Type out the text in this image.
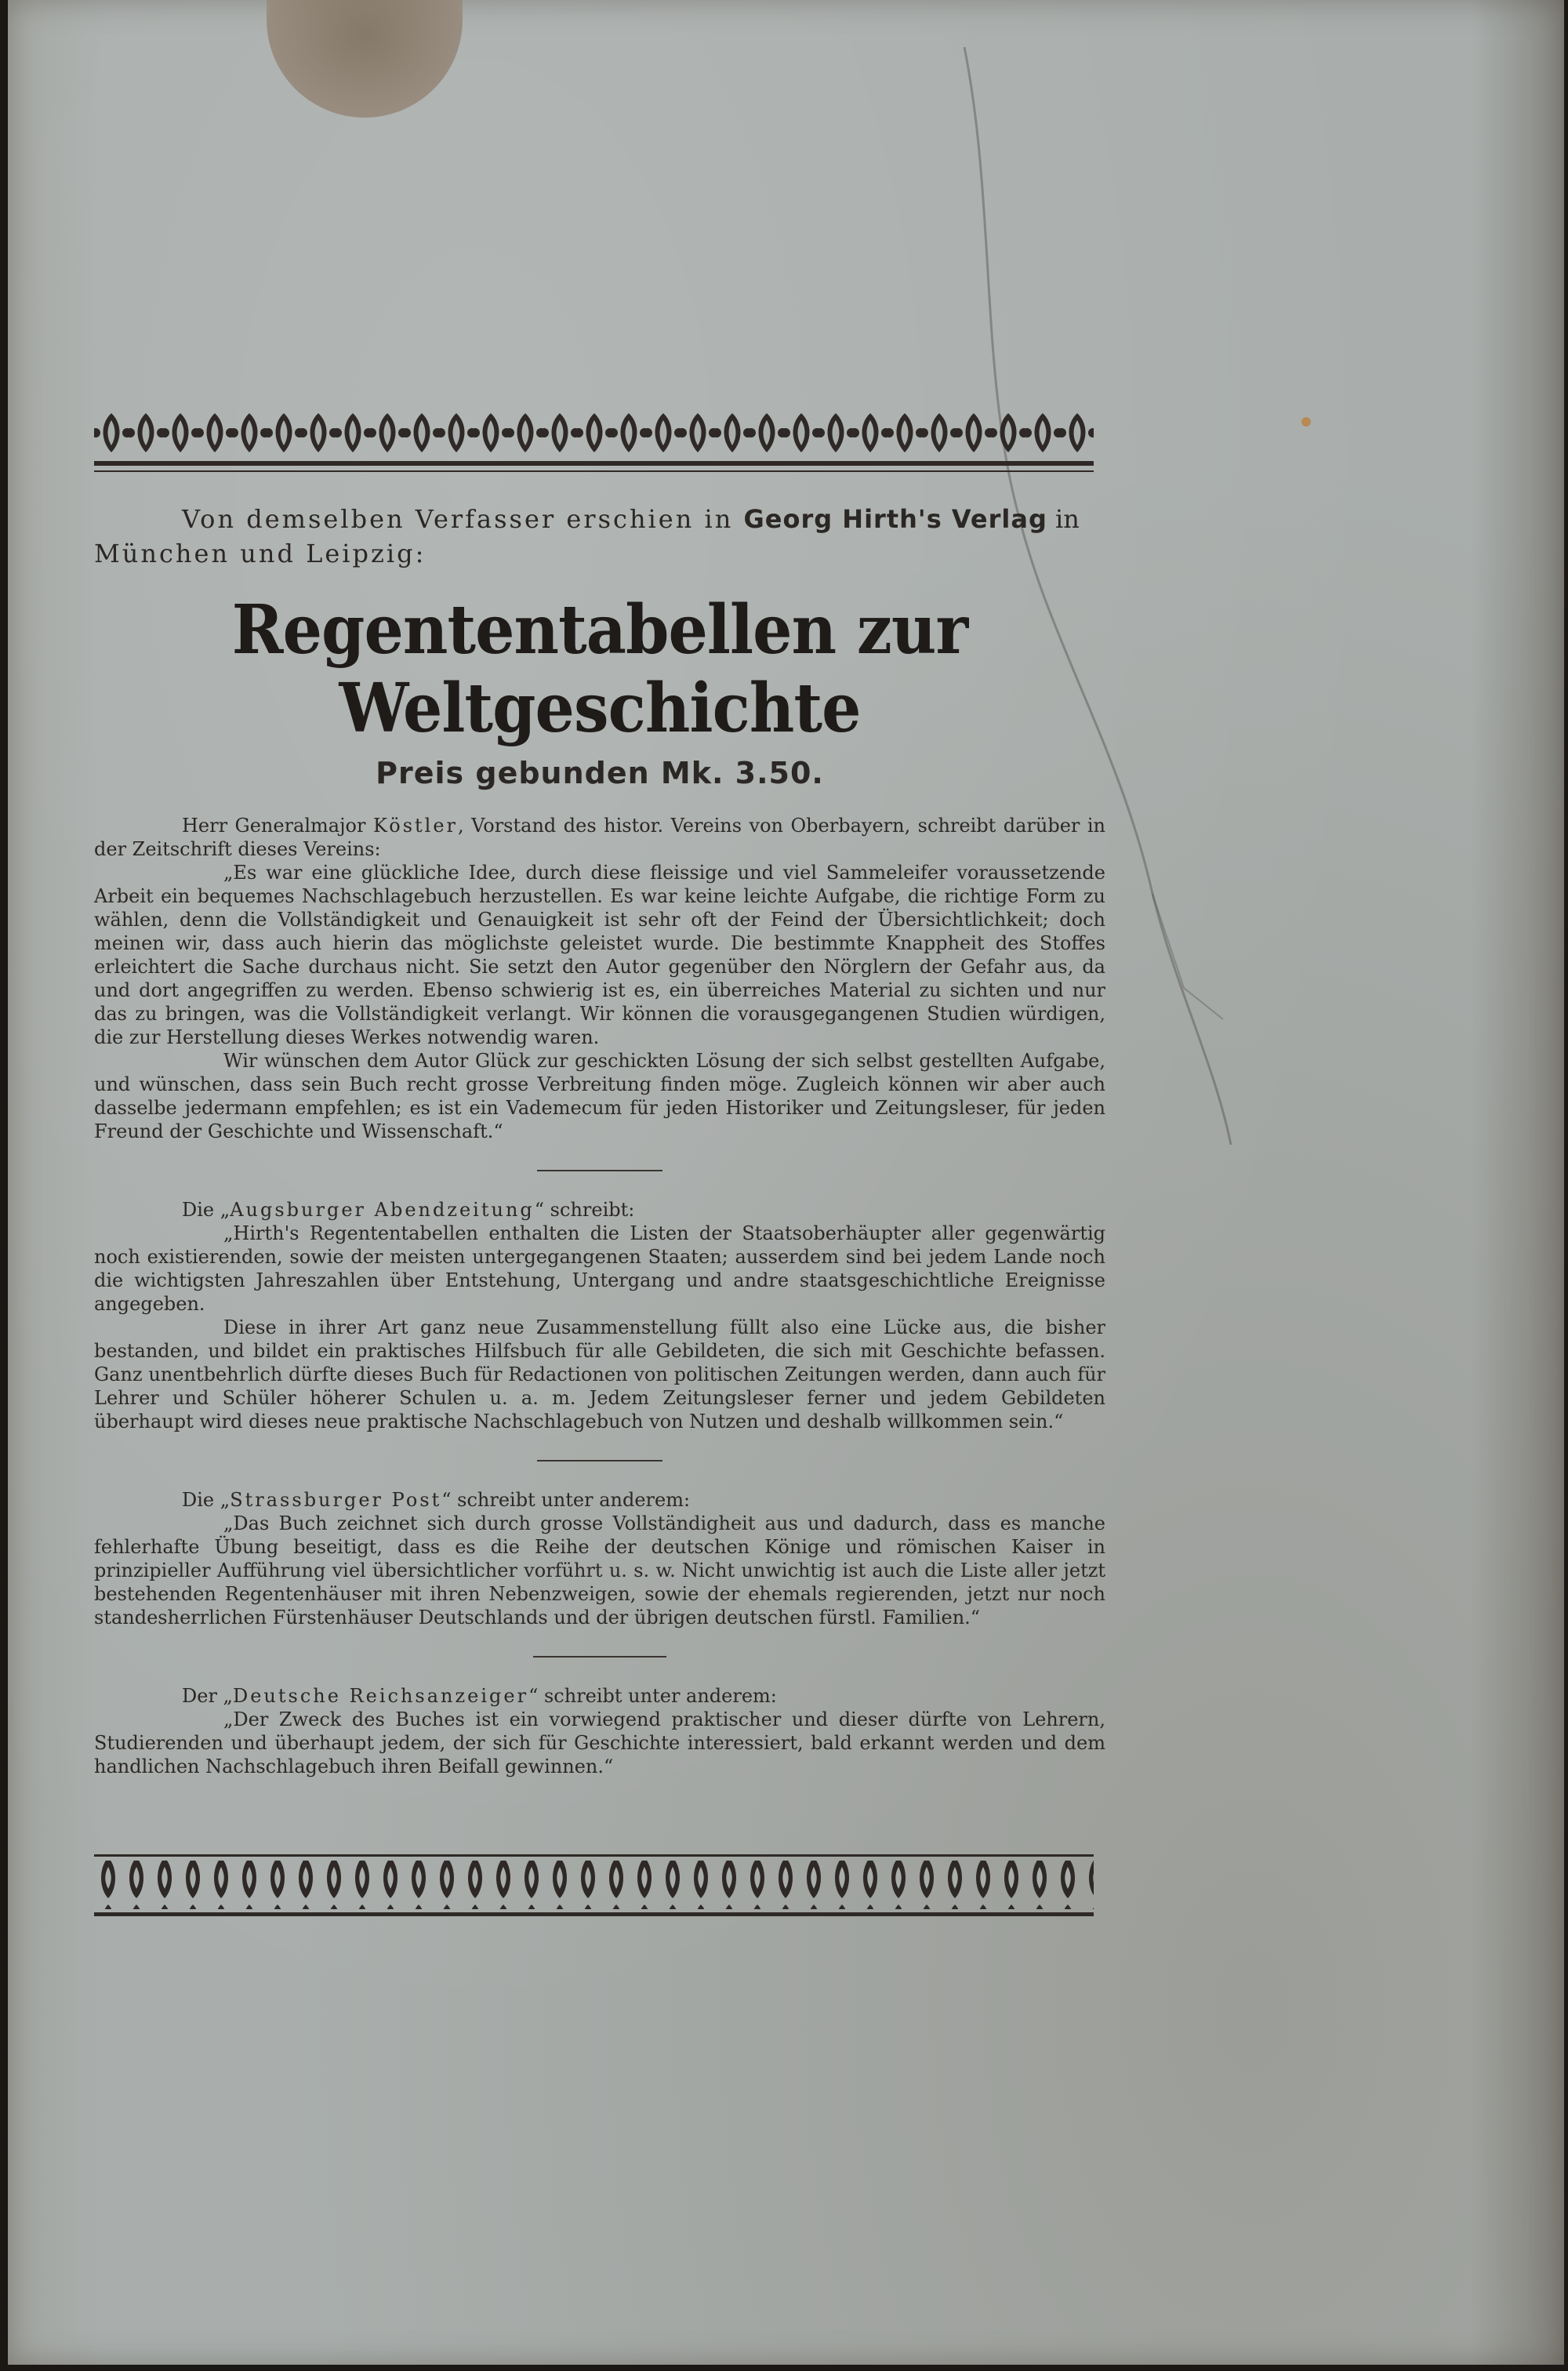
Von demselben Verfasser erschien in Georg Hirth's Verlag in
München und Leipzig:

Regententabellen zur Weltgeschichte
Preis gebunden Mk. 3.50.

Herr Generalmajor Köstler, Vorstand des histor. Vereins von Oberbayern, schreibt darüber in der Zeitschrift dieses Vereins:

„Es war eine glückliche Idee, durch diese fleissige und viel Sammeleifer voraussetzende Arbeit ein bequemes Nachschlagebuch herzustellen. Es war keine leichte Aufgabe, die richtige Form zu wählen, denn die Vollständigkeit und Genauigkeit ist sehr oft der Feind der Übersichtlichkeit; doch meinen wir, dass auch hierin das möglichste geleistet wurde. Die bestimmte Knappheit des Stoffes erleichtert die Sache durchaus nicht. Sie setzt den Autor gegenüber den Nörglern der Gefahr aus, da und dort angegriffen zu werden. Ebenso schwierig ist es, ein überreiches Material zu sichten und nur das zu bringen, was die Vollständigkeit verlangt. Wir können die vorausgegangenen Studien würdigen, die zur Herstellung dieses Werkes notwendig waren.

Wir wünschen dem Autor Glück zur geschickten Lösung der sich selbst gestellten Aufgabe, und wünschen, dass sein Buch recht grosse Verbreitung finden möge. Zugleich können wir aber auch dasselbe jedermann empfehlen; es ist ein Vademecum für jeden Historiker und Zeitungsleser, für jeden Freund der Geschichte und Wissenschaft.“

Die „Augsburger Abendzeitung“ schreibt:

„Hirth's Regententabellen enthalten die Listen der Staatsoberhäupter aller gegenwärtig noch existierenden, sowie der meisten untergegangenen Staaten; ausserdem sind bei jedem Lande noch die wichtigsten Jahreszahlen über Entstehung, Untergang und andre staatsgeschichtliche Ereignisse angegeben.

Diese in ihrer Art ganz neue Zusammenstellung füllt also eine Lücke aus, die bisher bestanden, und bildet ein praktisches Hilfsbuch für alle Gebildeten, die sich mit Geschichte befassen. Ganz unentbehrlich dürfte dieses Buch für Redactionen von politischen Zeitungen werden, dann auch für Lehrer und Schüler höherer Schulen u. a. m. Jedem Zeitungsleser ferner und jedem Gebildeten überhaupt wird dieses neue praktische Nachschlagebuch von Nutzen und deshalb willkommen sein.“

Die „Strassburger Post“ schreibt unter anderem:

„Das Buch zeichnet sich durch grosse Vollständigheit aus und dadurch, dass es manche fehlerhafte Übung beseitigt, dass es die Reihe der deutschen Könige und römischen Kaiser in prinzipieller Aufführung viel übersichtlicher vorführt u. s. w. Nicht unwichtig ist auch die Liste aller jetzt bestehenden Regentenhäuser mit ihren Nebenzweigen, sowie der ehemals regierenden, jetzt nur noch standesherrlichen Fürstenhäuser Deutschlands und der übrigen deutschen fürstl. Familien.“

Der „Deutsche Reichsanzeiger“ schreibt unter anderem:

„Der Zweck des Buches ist ein vorwiegend praktischer und dieser dürfte von Lehrern, Studierenden und überhaupt jedem, der sich für Geschichte interessiert, bald erkannt werden und dem handlichen Nachschlagebuch ihren Beifall gewinnen.“
